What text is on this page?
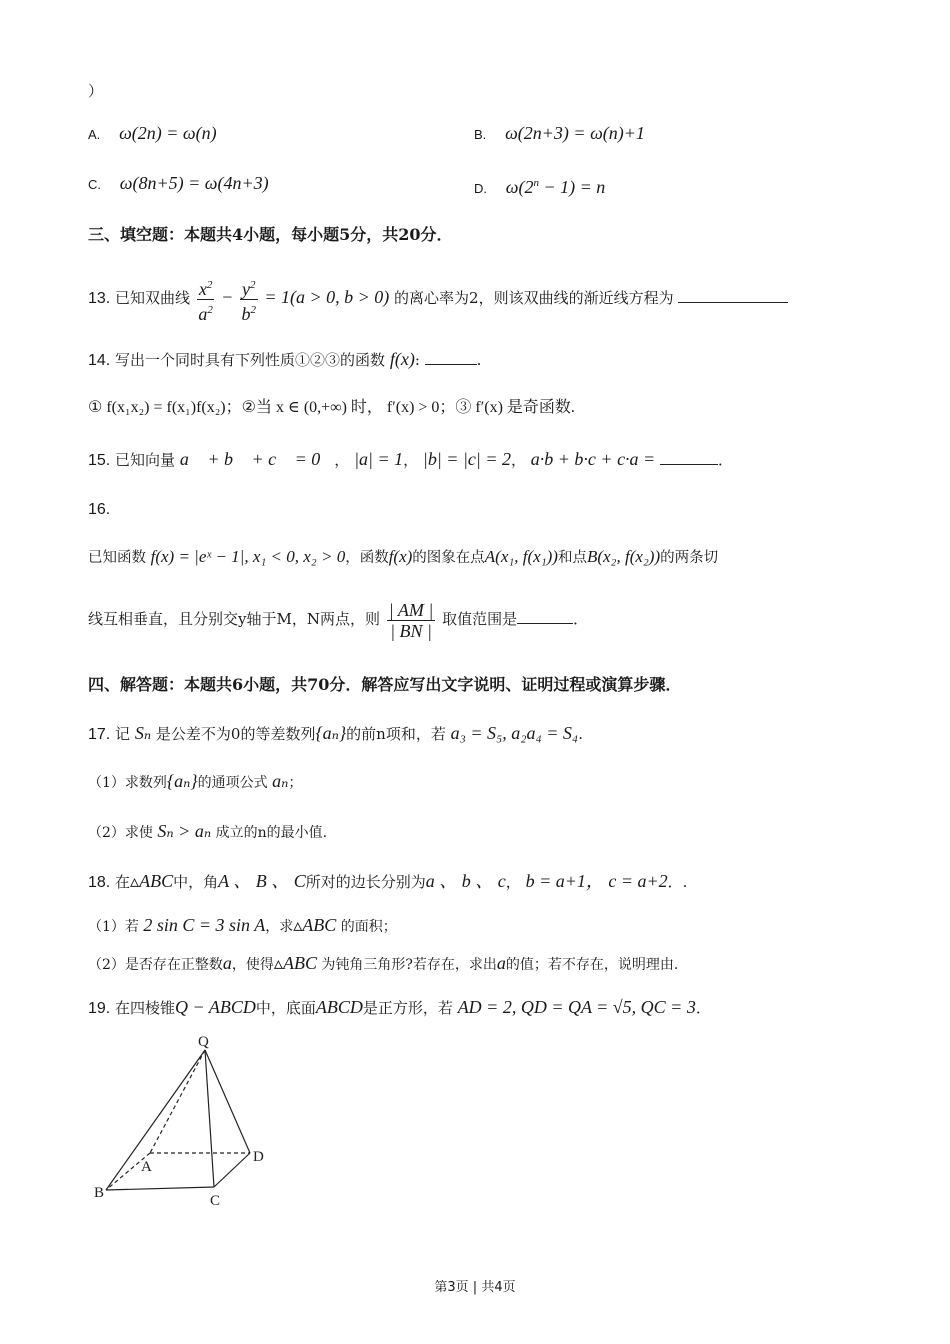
）
A. ω(2n) = ω(n)	B. ω(2n+3) = ω(n)+1
C. ω(8n+5) = ω(4n+3)	D. $\omega(2^n - 1) = n$
三、填空题：本题共4小题，每小题5分，共20分．
13. 已知双曲线 $\frac{x^2}{a^2} - \frac{y^2}{b^2} = 1(a > 0$, b > 0) 的离心率为2，则该双曲线的渐近线方程为
14. 写出一个同时具有下列性质①②③的函数 f(x):	.
① f(x₁x₂) = f(x₁)f(x₂)；②当 x ∈ (0,+∞) 时， f′(x) > 0；③ f′(x) 是奇函数.
15. 已知向量 a⃗ + b⃗ + c⃗ = 0⃗， |a| = 1， |b| = |c| = 2， a·b + b·c + c·a =	．
16.
已知函数 f(x) = |eˣ − 1|, x₁ < 0, x₂ > 0，函数f(x)的图象在点A(x₁, f(x₁))和点B(x₂, f(x₂))的两条切
线互相垂直，且分别交y轴于M，N两点，则 $\frac{| AM |}{| BN |}$ 取值范围是	．
四、解答题：本题共6小题，共70分．解答应写出文字说明、证明过程或演算步骤．
17. 记 Sₙ 是公差不为0的等差数列{aₙ}的前n项和，若 a₃ = S₅, a₂a₄ = S₄.
（1）求数列{aₙ}的通项公式 aₙ；
（2）求使 Sₙ > aₙ 成立的n的最小值.
18. 在▵ABC中，角A 、 B 、 C所对的边长分别为a 、 b 、 c， b = a+1， c = a+2．.
（1）若 2 sin C = 3 sin A，求▵ABC 的面积；
（2）是否存在正整数a，使得▵ABC 为钝角三角形?若存在，求出a的值；若不存在，说明理由.
19. 在四棱锥Q − ABCD中，底面ABCD是正方形，若 AD = 2, QD = QA = √5, QC = 3．
Q
A
B	C
D
第3页 | 共4页
